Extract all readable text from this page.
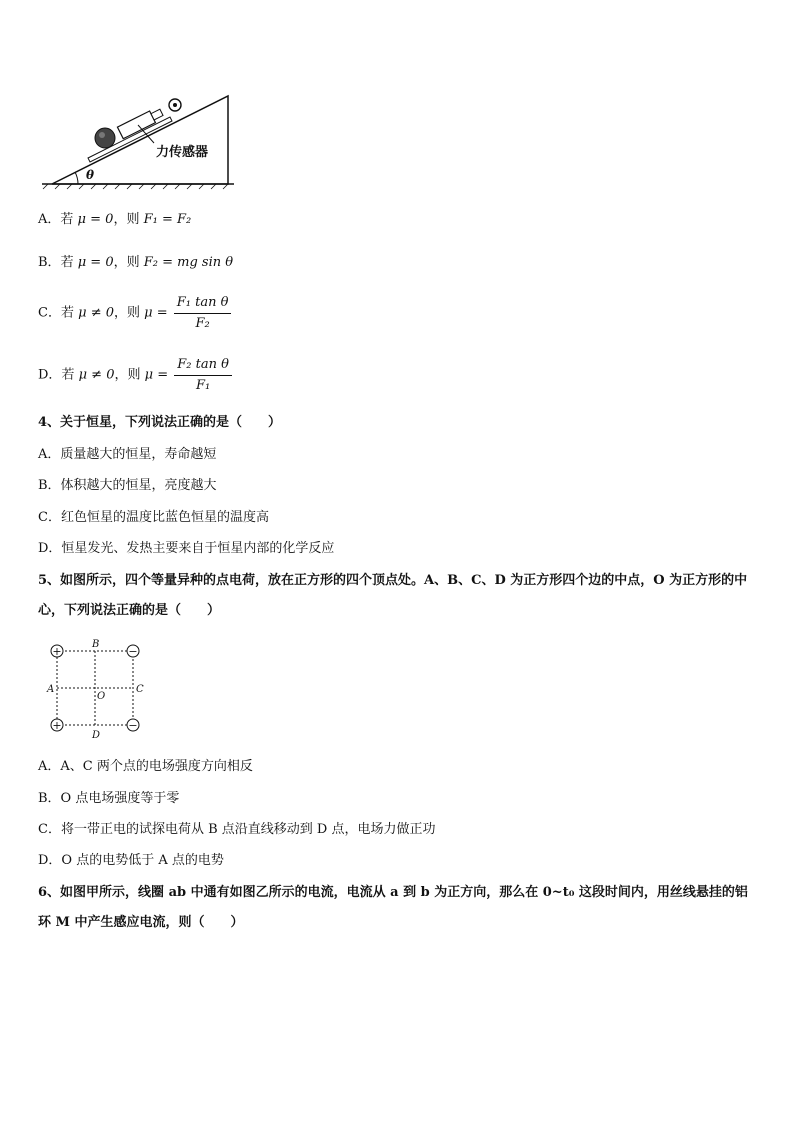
力传感器
θ
A．若 μ = 0，则 F₁ = F₂
B．若 μ = 0，则 F₂ = mg sin θ
C．若 μ ≠ 0，则 $\mu = \frac{\text{F₁ tan θ}}{\text{F₂}}$
D．若 μ ≠ 0，则 $\mu = \frac{\text{F₂ tan θ}}{\text{F₁}}$
4、关于恒星，下列说法正确的是（　　）
A．质量越大的恒星，寿命越短
B．体积越大的恒星，亮度越大
C．红色恒星的温度比蓝色恒星的温度高
D．恒星发光、发热主要来自于恒星内部的化学反应
5、如图所示，四个等量异种的点电荷，放在正方形的四个顶点处。A、B、C、D 为正方形四个边的中点，O 为正方形的中心，下列说法正确的是（　　）
+	−
+	−
B
A	C
O
D
A．A、C 两个点的电场强度方向相反
B．O 点电场强度等于零
C．将一带正电的试探电荷从 B 点沿直线移动到 D 点，电场力做正功
D．O 点的电势低于 A 点的电势
6、如图甲所示，线圈 ab 中通有如图乙所示的电流，电流从 a 到 b 为正方向，那么在 0~t₀ 这段时间内，用丝线悬挂的铝环 M 中产生感应电流，则（　　）
